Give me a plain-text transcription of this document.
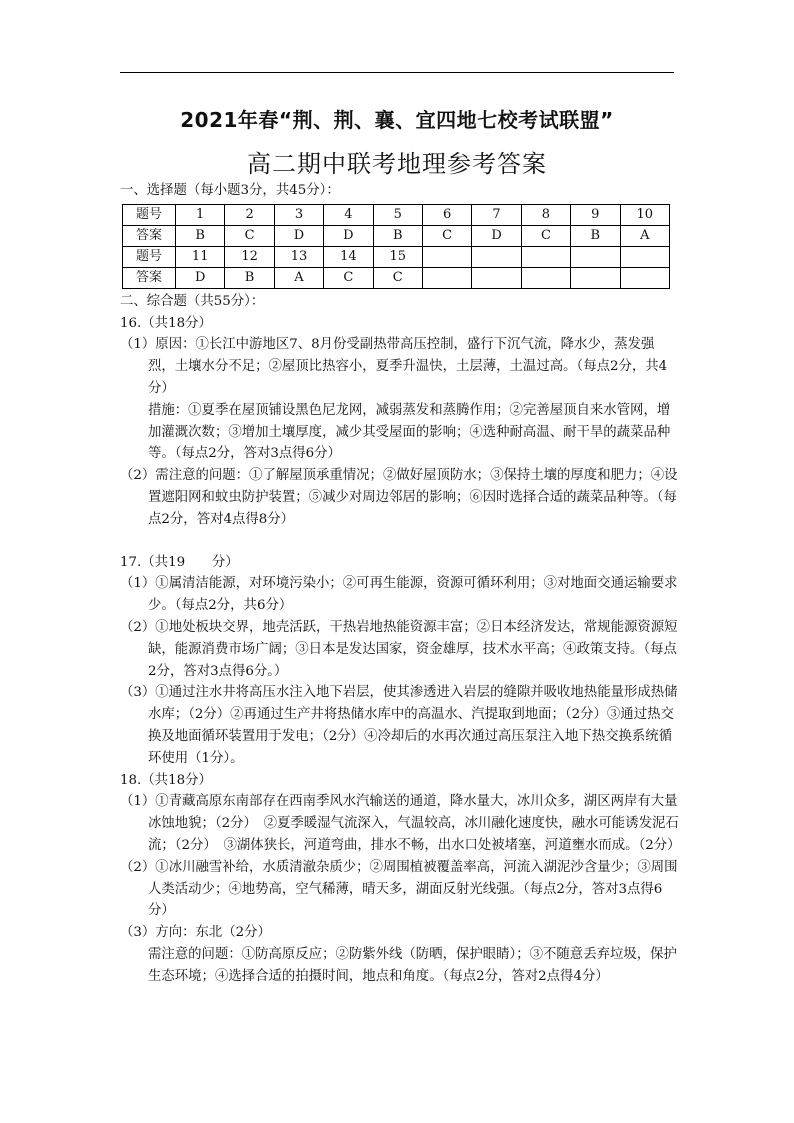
2021年春“荆、荆、襄、宜四地七校考试联盟”
高二期中联考地理参考答案

一、选择题（每小题3分，共45分）：

题号	1	2	3	4	5	6	7	8	9	10
答案	B	C	D	D	B	C	D	C	B	A
题号	11	12	13	14	15					
答案	D	B	A	C	C					

二、综合题（共55分）：

16.（共18分）

（1）原因：①长江中游地区7、8月份受副热带高压控制，盛行下沉气流，降水少，蒸发强烈，土壤水分不足；②屋顶比热容小，夏季升温快，土层薄，土温过高。（每点2分，共4分）

措施：①夏季在屋顶铺设黑色尼龙网，减弱蒸发和蒸腾作用；②完善屋顶自来水管网，增加灌溉次数；③增加土壤厚度，减少其受屋面的影响；④选种耐高温、耐干旱的蔬菜品种等。（每点2分，答对3点得6分）

（2）需注意的问题：①了解屋顶承重情况；②做好屋顶防水；③保持土壤的厚度和肥力；④设置遮阳网和蚊虫防护装置；⑤减少对周边邻居的影响；⑥因时选择合适的蔬菜品种等。（每点2分，答对4点得8分）

17.（共19　　分）

（1）①属清洁能源，对环境污染小；②可再生能源，资源可循环利用；③对地面交通运输要求少。（每点2分，共6分）

（2）①地处板块交界，地壳活跃，干热岩地热能资源丰富；②日本经济发达，常规能源资源短缺，能源消费市场广阔；③日本是发达国家，资金雄厚，技术水平高；④政策支持。（每点2分，答对3点得6分。）

（3）①通过注水井将高压水注入地下岩层，使其渗透进入岩层的缝隙并吸收地热能量形成热储水库；（2分）②再通过生产井将热储水库中的高温水、汽提取到地面；（2分）③通过热交换及地面循环装置用于发电；（2分）④冷却后的水再次通过高压泵注入地下热交换系统循环使用（1分）。

18.（共18分）

（1）①青藏高原东南部存在西南季风水汽输送的通道，降水量大，冰川众多，湖区两岸有大量冰蚀地貌；（2分）　②夏季暖湿气流深入，气温较高，冰川融化速度快，融水可能诱发泥石流；（2分）　③湖体狭长，河道弯曲，排水不畅，出水口处被堵塞，河道壅水而成。（2分）

（2）①冰川融雪补给，水质清澈杂质少；②周围植被覆盖率高，河流入湖泥沙含量少；③周围人类活动少；④地势高，空气稀薄，晴天多，湖面反射光线强。（每点2分，答对3点得6分）

（3）方向：东北（2分）

需注意的问题：①防高原反应；②防紫外线（防晒，保护眼睛）；③不随意丢弃垃圾，保护生态环境；④选择合适的拍摄时间，地点和角度。（每点2分，答对2点得4分）
